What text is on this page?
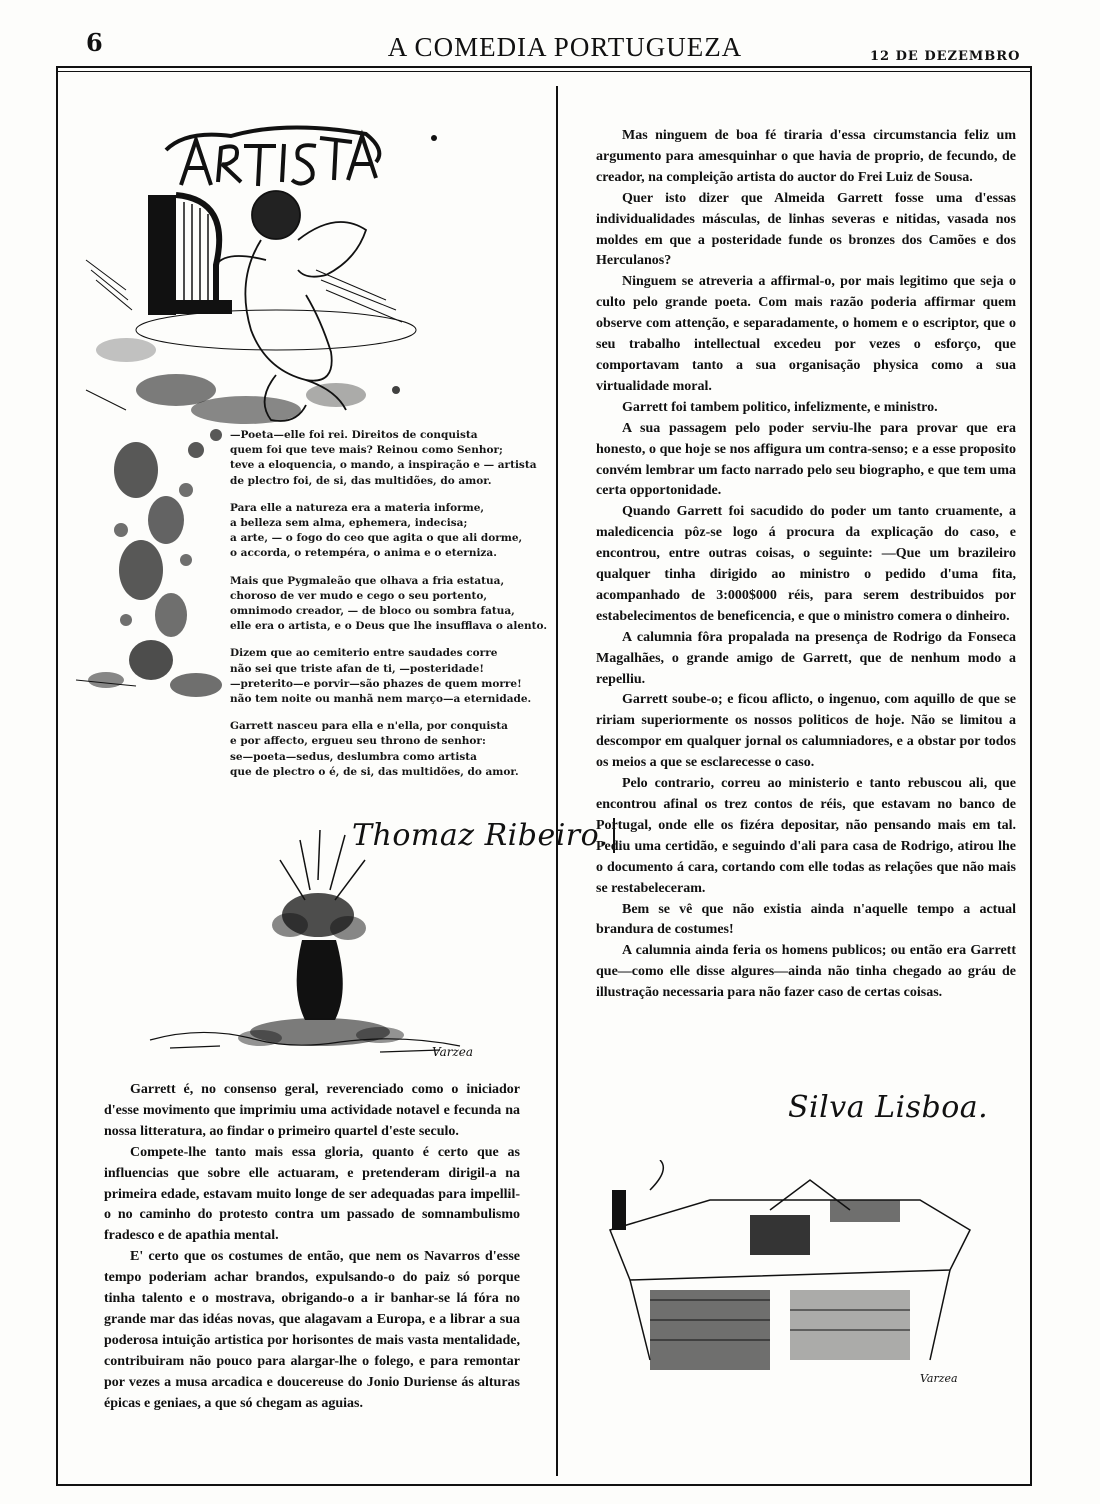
6	A COMEDIA PORTUGUEZA	12 DE DEZEMBRO
—Poeta—elle foi rei. Direitos de conquista
quem foi que teve mais? Reinou como Senhor;
teve a eloquencia, o mando, a inspiração e — artista
de plectro foi, de si, das multidões, do amor.
Para elle a natureza era a materia informe,
a belleza sem alma, ephemera, indecisa;
a arte, — o fogo do ceo que agita o que ali dorme,
o accorda, o retempéra, o anima e o eterniza.
Mais que Pygmaleão que olhava a fria estatua,
choroso de ver mudo e cego o seu portento,
omnimodo creador, — de bloco ou sombra fatua,
elle era o artista, e o Deus que lhe insufflava o alento.
Dizem que ao cemiterio entre saudades corre
não sei que triste afan de ti, —posteridade!
—preterito—e porvir—são phazes de quem morre!
não tem noite ou manhã nem março—a eternidade.
Garrett nasceu para ella e n'ella, por conquista
e por affecto, ergueu seu throno de senhor:
se—poeta—sedus, deslumbra como artista
que de plectro o é, de si, das multidões, do amor.
Thomaz Ribeiro.
Varzea

Garrett é, no consenso geral, reverenciado como o iniciador d'esse movimento que imprimiu uma actividade notavel e fecunda na nossa litteratura, ao findar o primeiro quartel d'este seculo.

Compete-lhe tanto mais essa gloria, quanto é certo que as influencias que sobre elle actuaram, e pretenderam dirigil-a na primeira edade, estavam muito longe de ser adequadas para impellil-o no caminho do protesto contra um passado de somnambulismo fradesco e de apathia mental.

E' certo que os costumes de então, que nem os Navarros d'esse tempo poderiam achar brandos, expulsando-o do paiz só porque tinha talento e o mostrava, obrigando-o a ir banhar-se lá fóra no grande mar das idéas novas, que alagavam a Europa, e a librar a sua poderosa intuição artistica por horisontes de mais vasta mentalidade, contribuiram não pouco para alargar-lhe o folego, e para remontar por vezes a musa arcadica e doucereuse do Jonio Duriense ás alturas épicas e geniaes, a que só chegam as aguias.

Mas ninguem de boa fé tiraria d'essa circumstancia feliz um argumento para amesquinhar o que havia de proprio, de fecundo, de creador, na compleição artista do auctor do Frei Luiz de Sousa.

Quer isto dizer que Almeida Garrett fosse uma d'essas individualidades másculas, de linhas severas e nitidas, vasada nos moldes em que a posteridade funde os bronzes dos Camões e dos Herculanos?

Ninguem se atreveria a affirmal-o, por mais legitimo que seja o culto pelo grande poeta. Com mais razão poderia affirmar quem observe com attenção, e separadamente, o homem e o escriptor, que o seu trabalho intellectual excedeu por vezes o esforço, que comportavam tanto a sua organisação physica como a sua virtualidade moral.

Garrett foi tambem politico, infelizmente, e ministro.

A sua passagem pelo poder serviu-lhe para provar que era honesto, o que hoje se nos affigura um contra-senso; e a esse proposito convém lembrar um facto narrado pelo seu biographo, e que tem uma certa opportonidade.

Quando Garrett foi sacudido do poder um tanto cruamente, a maledicencia pôz-se logo á procura da explicação do caso, e encontrou, entre outras coisas, o seguinte: —Que um brazileiro qualquer tinha dirigido ao ministro o pedido d'uma fita, acompanhado de 3:000$000 réis, para serem destribuidos por estabelecimentos de beneficencia, e que o ministro comera o dinheiro.

A calumnia fôra propalada na presença de Rodrigo da Fonseca Magalhães, o grande amigo de Garrett, que de nenhum modo a repelliu.

Garrett soube-o; e ficou aflicto, o ingenuo, com aquillo de que se ririam superiormente os nossos politicos de hoje. Não se limitou a descompor em qualquer jornal os calumniadores, e a obstar por todos os meios a que se esclarecesse o caso.

Pelo contrario, correu ao ministerio e tanto rebuscou ali, que encontrou afinal os trez contos de réis, que estavam no banco de Portugal, onde elle os fizéra depositar, não pensando mais em tal. Pediu uma certidão, e seguindo d'ali para casa de Rodrigo, atirou lhe o documento á cara, cortando com elle todas as relações que não mais se restabeleceram.

Bem se vê que não existia ainda n'aquelle tempo a actual brandura de costumes!

A calumnia ainda feria os homens publicos; ou então era Garrett que—como elle disse algures—ainda não tinha chegado ao gráu de illustração necessaria para não fazer caso de certas coisas.

Silva Lisboa.
Varzea
